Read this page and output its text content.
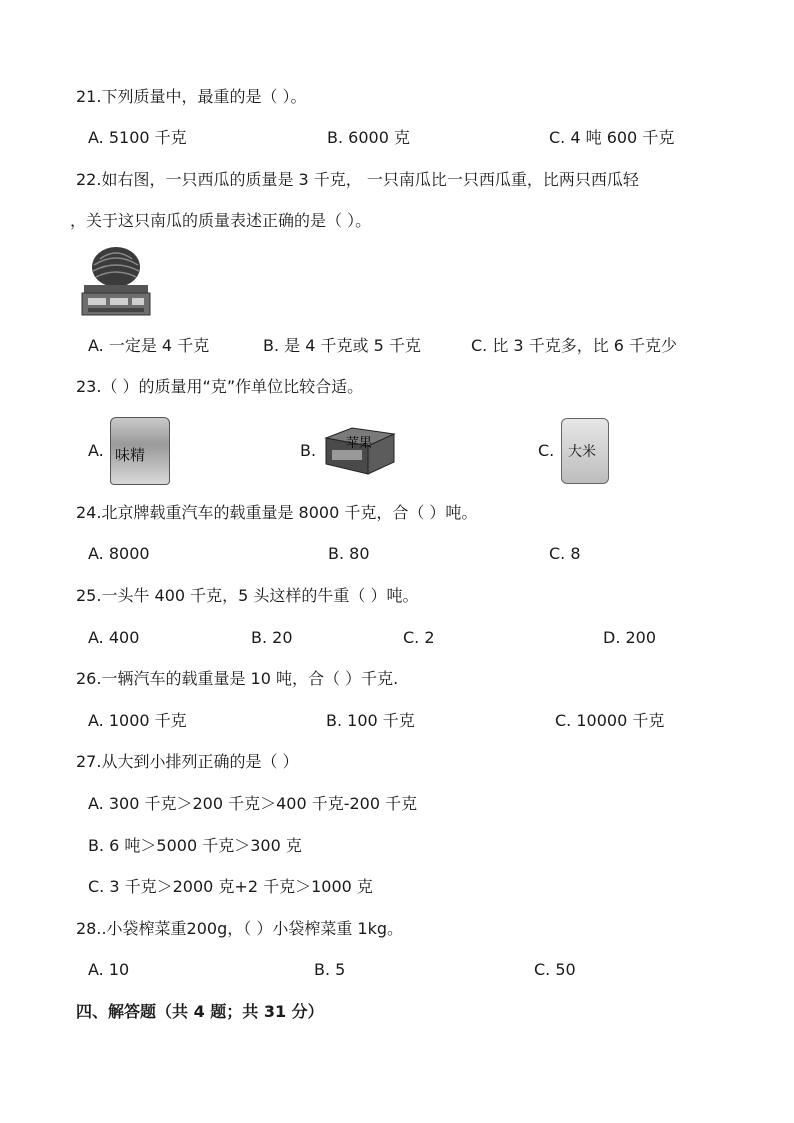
21.下列质量中，最重的是（ ）。
A. 5100 千克	B. 6000 克	C. 4 吨 600 千克
22.如右图，一只西瓜的质量是 3 千克， 一只南瓜比一只西瓜重，比两只西瓜轻
，关于这只南瓜的质量表述正确的是（ ）。
A. 一定是 4 千克	B. 是 4 千克或 5 千克	C. 比 3 千克多，比 6 千克少
23.（ ）的质量用“克”作单位比较合适。
A. 味精	B. 苹果	C. 大米
24.北京牌载重汽车的载重量是 8000 千克，合（ ）吨。
A. 8000	B. 80	C. 8
25.一头牛 400 千克，5 头这样的牛重（ ）吨。
A. 400	B. 20	C. 2	D. 200
26.一辆汽车的载重量是 10 吨，合（ ）千克.
A. 1000 千克	B. 100 千克	C. 10000 千克
27.从大到小排列正确的是（ ）
A. 300 千克＞200 千克＞400 千克-200 千克
B. 6 吨＞5000 千克＞300 克
C. 3 千克＞2000 克+2 千克＞1000 克
28..小袋榨菜重200g，（ ）小袋榨菜重 1kg。
A. 10	B. 5	C. 50
四、解答题（共 4 题；共 31 分）
